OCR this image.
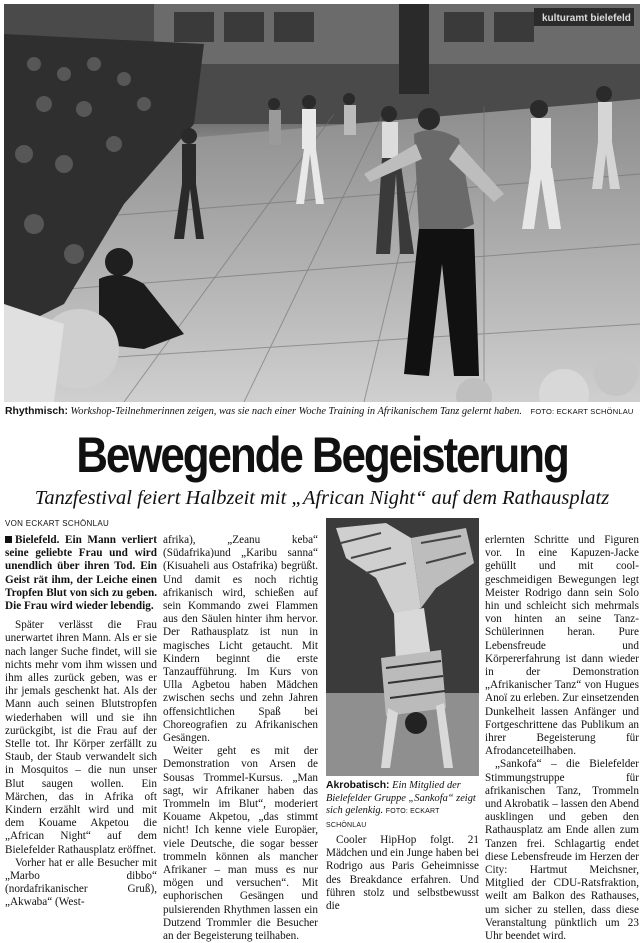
kulturamt bielefeld
Rhythmisch: Workshop-Teilnehmerinnen zeigen, was sie nach einer Woche Training in Afrikanischem Tanz gelernt haben. FOTO: ECKART SCHÖNLAU
Bewegende Begeisterung
Tanzfestival feiert Halbzeit mit „African Night“ auf dem Rathausplatz
VON ECKART SCHÖNLAU

Bielefeld. Ein Mann verliert seine geliebte Frau und wird unendlich über ihren Tod. Ein Geist rät ihm, der Leiche einen Tropfen Blut von sich zu geben. Die Frau wird wieder lebendig.

Später verlässt die Frau unerwartet ihren Mann. Als er sie nach langer Suche findet, will sie nichts mehr vom ihm wissen und ihm alles zurück geben, was er ihr jemals geschenkt hat. Als der Mann auch seinen Blutstropfen wiederhaben will und sie ihn zurückgibt, ist die Frau auf der Stelle tot. Ihr Körper zerfällt zu Staub, der Staub verwandelt sich in Mosquitos – die nun unser Blut saugen wollen. Ein Märchen, das in Afrika oft Kindern erzählt wird und mit dem Kouame Akpetou die „African Night“ auf dem Bielefelder Rathausplatz eröffnet.

Vorher hat er alle Besucher mit „Marbo dibbo“ (nordafrikanischer Gruß), „Akwaba“ (West-

afrika), „Zeanu keba“ (Südafrika)und „Karibu sanna“ (Kisuaheli aus Ostafrika) begrüßt. Und damit es noch richtig afrikanisch wird, schießen auf sein Kommando zwei Flammen aus den Säulen hinter ihm hervor. Der Rathausplatz ist nun in magisches Licht getaucht. Mit Kindern beginnt die erste Tanzaufführung. Im Kurs von Ulla Agbetou haben Mädchen zwischen sechs und zehn Jahren offensichtlichen Spaß bei Choreografien zu Afrikanischen Gesängen.

Weiter geht es mit der Demonstration von Arsen de Sousas Trommel-Kursus. „Man sagt, wir Afrikaner haben das Trommeln im Blut“, moderiert Kouame Akpetou, „das stimmt nicht! Ich kenne viele Europäer, viele Deutsche, die sogar besser trommeln können als mancher Afrikaner – man muss es nur mögen und versuchen“. Mit euphorischen Gesängen und pulsierenden Rhythmen lassen ein Dutzend Trommler die Besucher an der Begeisterung teilhaben.

Akrobatisch: Ein Mitglied der Bielefelder Gruppe „Sankofa“ zeigt sich gelenkig. FOTO: ECKART SCHÖNLAU

Cooler HipHop folgt. 21 Mädchen und ein Junge haben bei Rodrigo aus Paris Geheimnisse des Breakdance erfahren. Und führen stolz und selbstbewusst die

erlernten Schritte und Figuren vor. In eine Kapuzen-Jacke gehüllt und mit cool-geschmeidigen Bewegungen legt Meister Rodrigo dann sein Solo hin und schleicht sich mehrmals von hinten an seine Tanz-Schülerinnen heran. Pure Lebensfreude und Körpererfahrung ist dann wieder in der Demonstration „Afrikanischer Tanz“ von Hugues Anoï zu erleben. Zur einsetzenden Dunkelheit lassen Anfänger und Fortgeschrittene das Publikum an ihrer Begeisterung für Afrodanceteilhaben.

„Sankofa“ – die Bielefelder Stimmungstruppe für afrikanischen Tanz, Trommeln und Akrobatik – lassen den Abend ausklingen und geben den Rathausplatz am Ende allen zum Tanzen frei. Schlagartig endet diese Lebensfreude im Herzen der City: Hartmut Meichsner, Mitglied der CDU-Ratsfraktion, weilt am Balkon des Rathauses, um sicher zu stellen, dass diese Veranstaltung pünktlich um 23 Uhr beendet wird.
